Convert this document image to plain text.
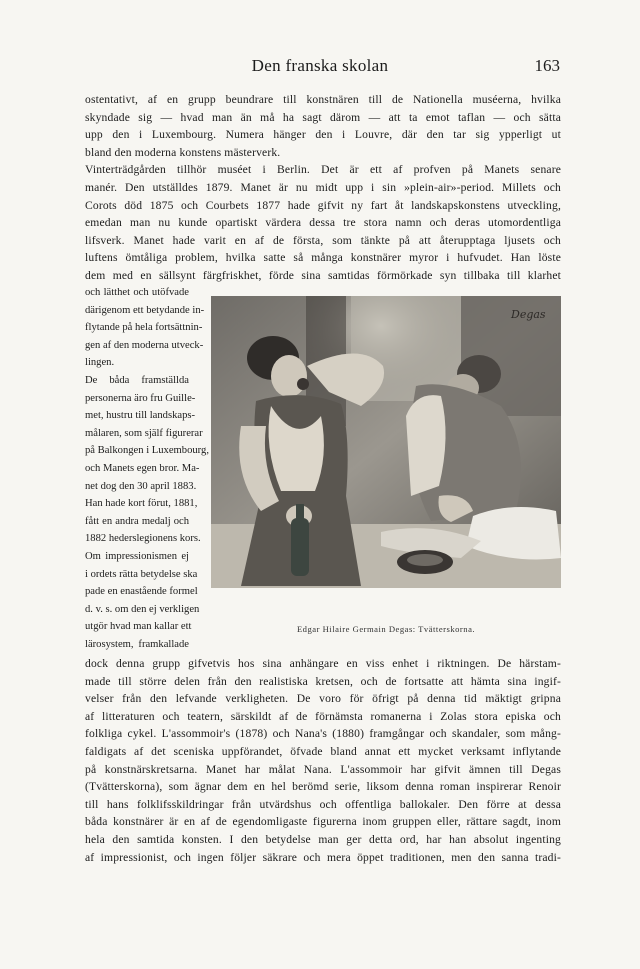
Den franska skolan	163
ostentativt, af en grupp beundrare till konstnären till de Nationella muséerna, hvilka
skyndade sig — hvad man än må ha sagt därom — att ta emot taflan — och sätta
upp den i Luxembourg. Numera hänger den i Louvre, där den tar sig ypperligt ut
bland den moderna konstens mästerverk.
Vinterträdgården tillhör muséet i Berlin. Det är ett af profven på Manets senare
manér. Den utställdes 1879. Manet är nu midt upp i sin »plein-air»-period. Millets och
Corots död 1875 och Courbets 1877 hade gifvit ny fart åt landskapskonstens utveckling,
emedan man nu kunde opartiskt värdera dessa tre stora namn och deras utomordentliga
lifsverk. Manet hade varit en af de första, som tänkte på att återupptaga ljusets och
luftens ömtåliga problem, hvilka satte så många konstnärer myror i hufvudet. Han löste
dem med en sällsynt färgfriskhet, förde sina samtidas förmörkade syn tillbaka till klarhet
och lätthet och utöfvade
därigenom ett betydande in-
flytande på hela fortsättnin-
gen af den moderna utveck-
lingen.
De båda framställda
personerna äro fru Guille-
met, hustru till landskaps-
målaren, som själf figurerar
på Balkongen i Luxembourg,
och Manets egen bror. Ma-
net dog den 30 april 1883.
Han hade kort förut, 1881,
fått en andra medalj och
1882 hederslegionens kors.
Om impressionismen ej
i ordets rätta betydelse ska
pade en enastående formel
d. v. s. om den ej verkligen
utgör hvad man kallar ett
lärosystem, framkallade
Degas
Edgar Hilaire Germain Degas: Tvätterskorna.
dock denna grupp gifvetvis hos sina anhängare en viss enhet i riktningen. De härstam-
made till större delen från den realistiska kretsen, och de fortsatte att hämta sina ingif-
velser från den lefvande verkligheten. De voro för öfrigt på denna tid mäktigt gripna
af litteraturen och teatern, särskildt af de förnämsta romanerna i Zolas stora episka och
folkliga cykel. L'assommoir's (1878) och Nana's (1880) framgångar och skandaler, som mång-
faldigats af det sceniska uppförandet, öfvade bland annat ett mycket verksamt inflytande
på konstnärskretsarna. Manet har målat Nana. L'assommoir har gifvit ämnen till Degas
(Tvätterskorna), som ägnar dem en hel berömd serie, liksom denna roman inspirerar Renoir
till hans folklifsskildringar från utvärdshus och offentliga ballokaler. Den förre at dessa
båda konstnärer är en af de egendomligaste figurerna inom gruppen eller, rättare sagdt, inom
hela den samtida konsten. I den betydelse man ger detta ord, har han absolut ingenting
af impressionist, och ingen följer säkrare och mera öppet traditionen, men den sanna tradi-
